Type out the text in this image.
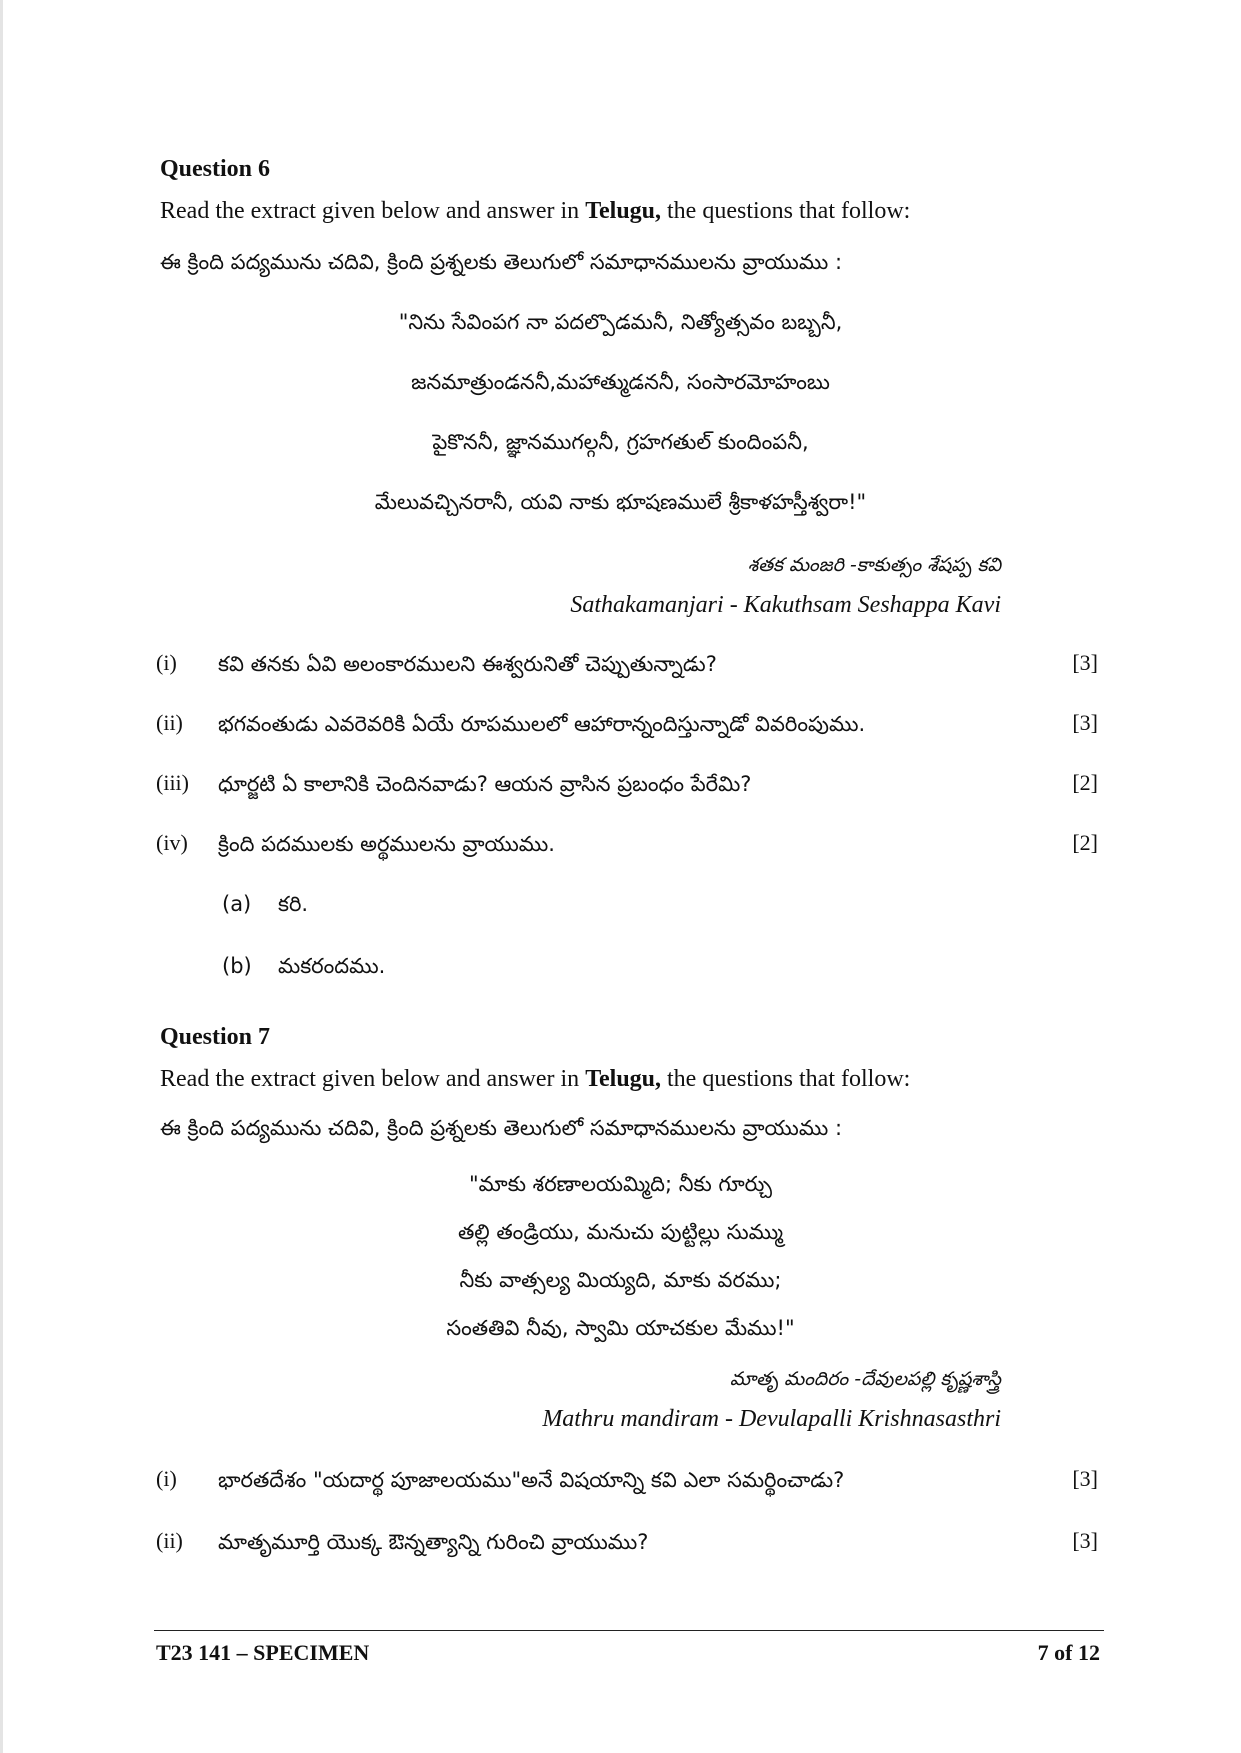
Question 6
Read the extract given below and answer in Telugu, the questions that follow:
ఈ క్రింది పద్యమును చదివి, క్రింది ప్రశ్నలకు తెలుగులో సమాధానములను వ్రాయుము :
"నిను సేవింపగ నా పదల్పొడమనీ, నిత్యోత్సవం బబ్బనీ,
జనమాత్రుండననీ,మహాత్ముడననీ, సంసారమోహంబు
పైకొననీ, జ్ఞానముగల్గనీ, గ్రహగతుల్ కుందింపనీ,
మేలువచ్చినరానీ, యవి నాకు భూషణములే శ్రీకాళహస్తీశ్వరా!"
శతక మంజరి -కాకుత్సం శేషప్ప కవి
Sathakamanjari - Kakuthsam Seshappa Kavi
(i) కవి తనకు ఏవి అలంకారములని ఈశ్వరునితో చెప్పుతున్నాడు?	[3]
(ii) భగవంతుడు ఎవరెవరికి ఏయే రూపములలో ఆహారాన్నందిస్తున్నాడో వివరింపుము.	[3]
(iii) ధూర్జటి ఏ కాలానికి చెందినవాడు? ఆయన వ్రాసిన ప్రబంధం పేరేమి?	[2]
(iv) క్రింది పదములకు అర్థములను వ్రాయుము.	[2]
(a) కరి.
(b) మకరందము.
Question 7
Read the extract given below and answer in Telugu, the questions that follow:
ఈ క్రింది పద్యమును చదివి, క్రింది ప్రశ్నలకు తెలుగులో సమాధానములను వ్రాయుము :
"మాకు శరణాలయమ్మిది; నీకు గూర్చు
తల్లి తండ్రియు, మనుచు పుట్టిల్లు సుమ్ము
నీకు వాత్సల్య మియ్యది, మాకు వరము;
సంతతివి నీవు, స్వామి యాచకుల మేము!"
మాతృ మందిరం -దేవులపల్లి కృష్ణశాస్త్రి
Mathru mandiram - Devulapalli Krishnasasthri
(i) భారతదేశం "యదార్థ పూజాలయము"అనే విషయాన్ని కవి ఎలా సమర్థించాడు?	[3]
(ii) మాతృమూర్తి యొక్క ఔన్నత్యాన్ని గురించి వ్రాయుము?	[3]
T23 141 – SPECIMEN	7 of 12
